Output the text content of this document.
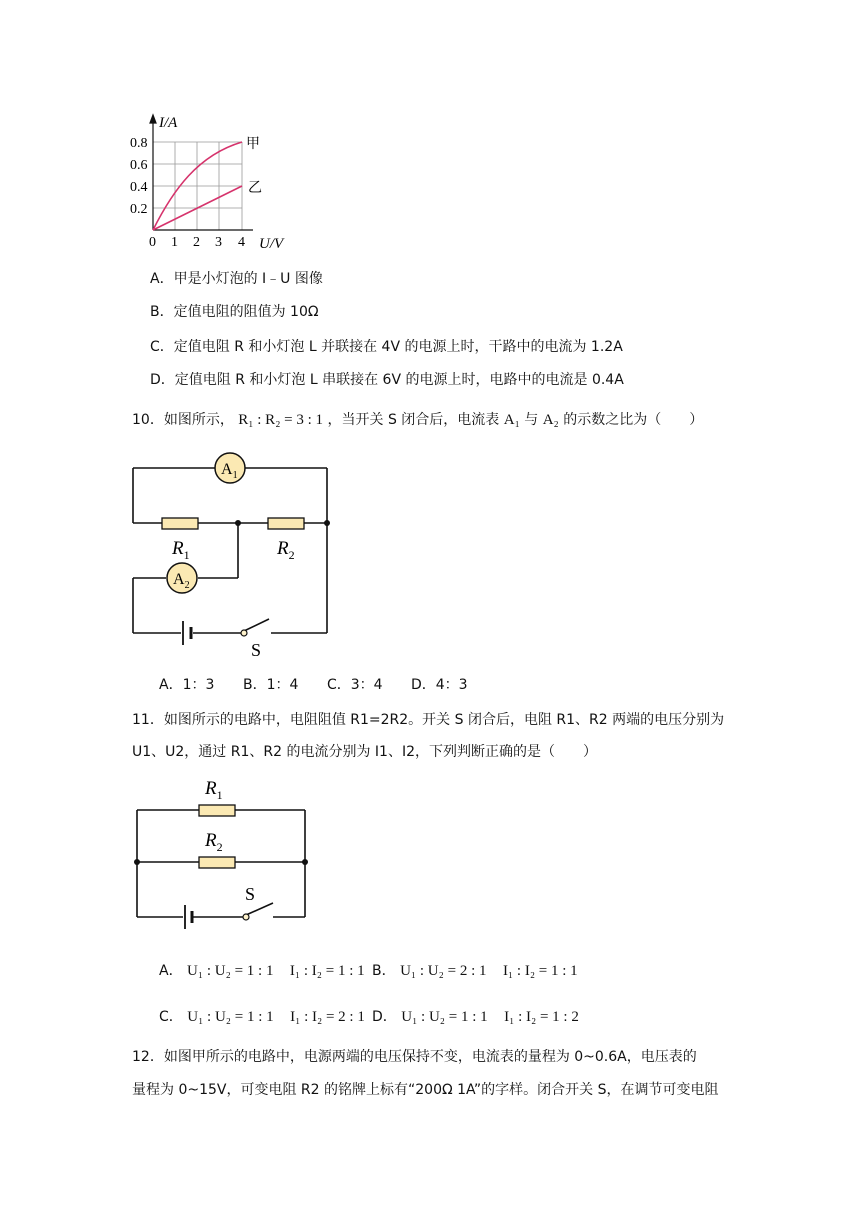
I/A
0.8
0.6
0.4
0.2
0 1 2 3 4 U/V
甲
乙
A．甲是小灯泡的 I﹣U 图像
B．定值电阻的阻值为 10Ω
C．定值电阻 R 和小灯泡 L 并联接在 4V 的电源上时，干路中的电流为 1.2A
D．定值电阻 R 和小灯泡 L 串联接在 6V 的电源上时，电路中的电流是 0.4A
10．如图所示， R₁ : R₂ = 3 : 1 ，当开关 S 闭合后，电流表 A₁ 与 A₂ 的示数之比为（　　）
$A_1$
$A_2$
$R_1$	$R_2$
S
A．1：3 B．1：4 C．3：4 D．4：3
11．如图所示的电路中，电阻阻值 R1=2R2。开关 S 闭合后，电阻 R1、R2 两端的电压分别为
U1、U2，通过 R1、R2 的电流分别为 I1、I2，下列判断正确的是（　　）
$R_1$
$R_2$
S
A． U₁ : U₂ = 1 : 1 I₁ : I₂ = 1 : 1 B． U₁ : U₂ = 2 : 1 I₁ : I₂ = 1 : 1
C． U₁ : U₂ = 1 : 1 I₁ : I₂ = 2 : 1 D． U₁ : U₂ = 1 : 1 I₁ : I₂ = 1 : 2
12．如图甲所示的电路中，电源两端的电压保持不变，电流表的量程为 0~0.6A，电压表的
量程为 0~15V，可变电阻 R2 的铭牌上标有“200Ω 1A”的字样。闭合开关 S，在调节可变电阻
